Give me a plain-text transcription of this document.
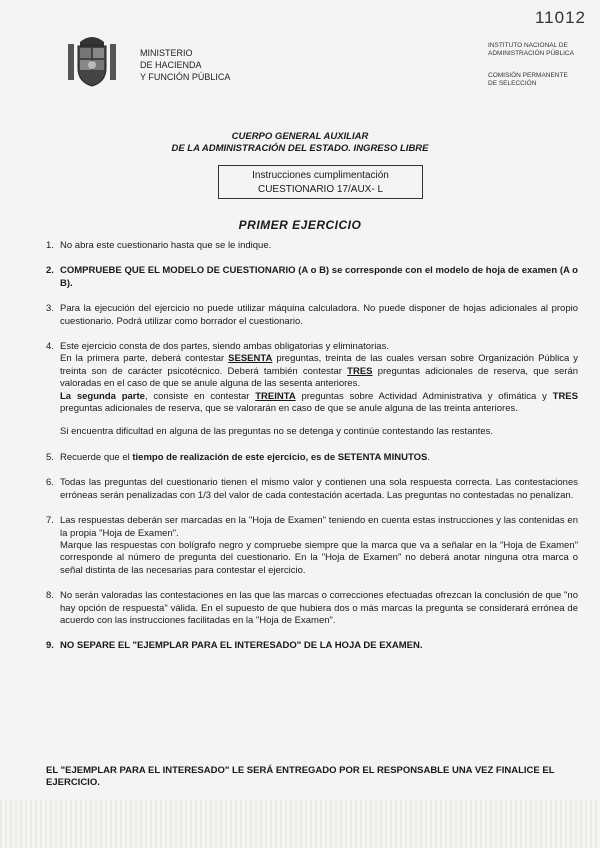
11012
MINISTERIO
DE HACIENDA
Y FUNCIÓN PÚBLICA
INSTITUTO NACIONAL DE
ADMINISTRACIÓN PÚBLICA
COMISIÓN PERMANENTE
DE SELECCIÓN
CUERPO GENERAL AUXILIAR
DE LA ADMINISTRACIÓN DEL ESTADO. INGRESO LIBRE
Instrucciones cumplimentación
CUESTIONARIO 17/AUX- L
PRIMER EJERCICIO
1. No abra este cuestionario hasta que se le indique.
2. COMPRUEBE QUE EL MODELO DE CUESTIONARIO (A o B) se corresponde con el modelo de hoja de examen (A o B).
3. Para la ejecución del ejercicio no puede utilizar máquina calculadora. No puede disponer de hojas adicionales al propio cuestionario. Podrá utilizar como borrador el cuestionario.
4. Este ejercicio consta de dos partes, siendo ambas obligatorias y eliminatorias.

En la primera parte, deberá contestar SESENTA preguntas, treinta de las cuales versan sobre Organización Pública y treinta son de carácter psicotécnico. Deberá también contestar TRES preguntas adicionales de reserva, que serán valoradas en el caso de que se anule alguna de las sesenta anteriores.

La segunda parte, consiste en contestar TREINTA preguntas sobre Actividad Administrativa y ofimática y TRES preguntas adicionales de reserva, que se valorarán en caso de que se anule alguna de las treinta anteriores.

Si encuentra dificultad en alguna de las preguntas no se detenga y continúe contestando las restantes.

5. Recuerde que el tiempo de realización de este ejercicio, es de SETENTA MINUTOS.
6. Todas las preguntas del cuestionario tienen el mismo valor y contienen una sola respuesta correcta. Las contestaciones erróneas serán penalizadas con 1/3 del valor de cada contestación acertada. Las preguntas no contestadas no penalizan.
7. Las respuestas deberán ser marcadas en la "Hoja de Examen" teniendo en cuenta estas instrucciones y las contenidas en la propia "Hoja de Examen".

Marque las respuestas con bolígrafo negro y compruebe siempre que la marca que va a señalar en la "Hoja de Examen" corresponde al número de pregunta del cuestionario. En la "Hoja de Examen" no deberá anotar ninguna otra marca o señal distinta de las necesarias para contestar el ejercicio.

8. No serán valoradas las contestaciones en las que las marcas o correcciones efectuadas ofrezcan la conclusión de que "no hay opción de respuesta" válida. En el supuesto de que hubiera dos o más marcas la pregunta se considerará errónea de acuerdo con las instrucciones facilitadas en la "Hoja de Examen".
9. NO SEPARE EL "EJEMPLAR PARA EL INTERESADO" DE LA HOJA DE EXAMEN.
EL "EJEMPLAR PARA EL INTERESADO" LE SERÁ ENTREGADO POR EL RESPONSABLE UNA VEZ FINALICE EL EJERCICIO.
